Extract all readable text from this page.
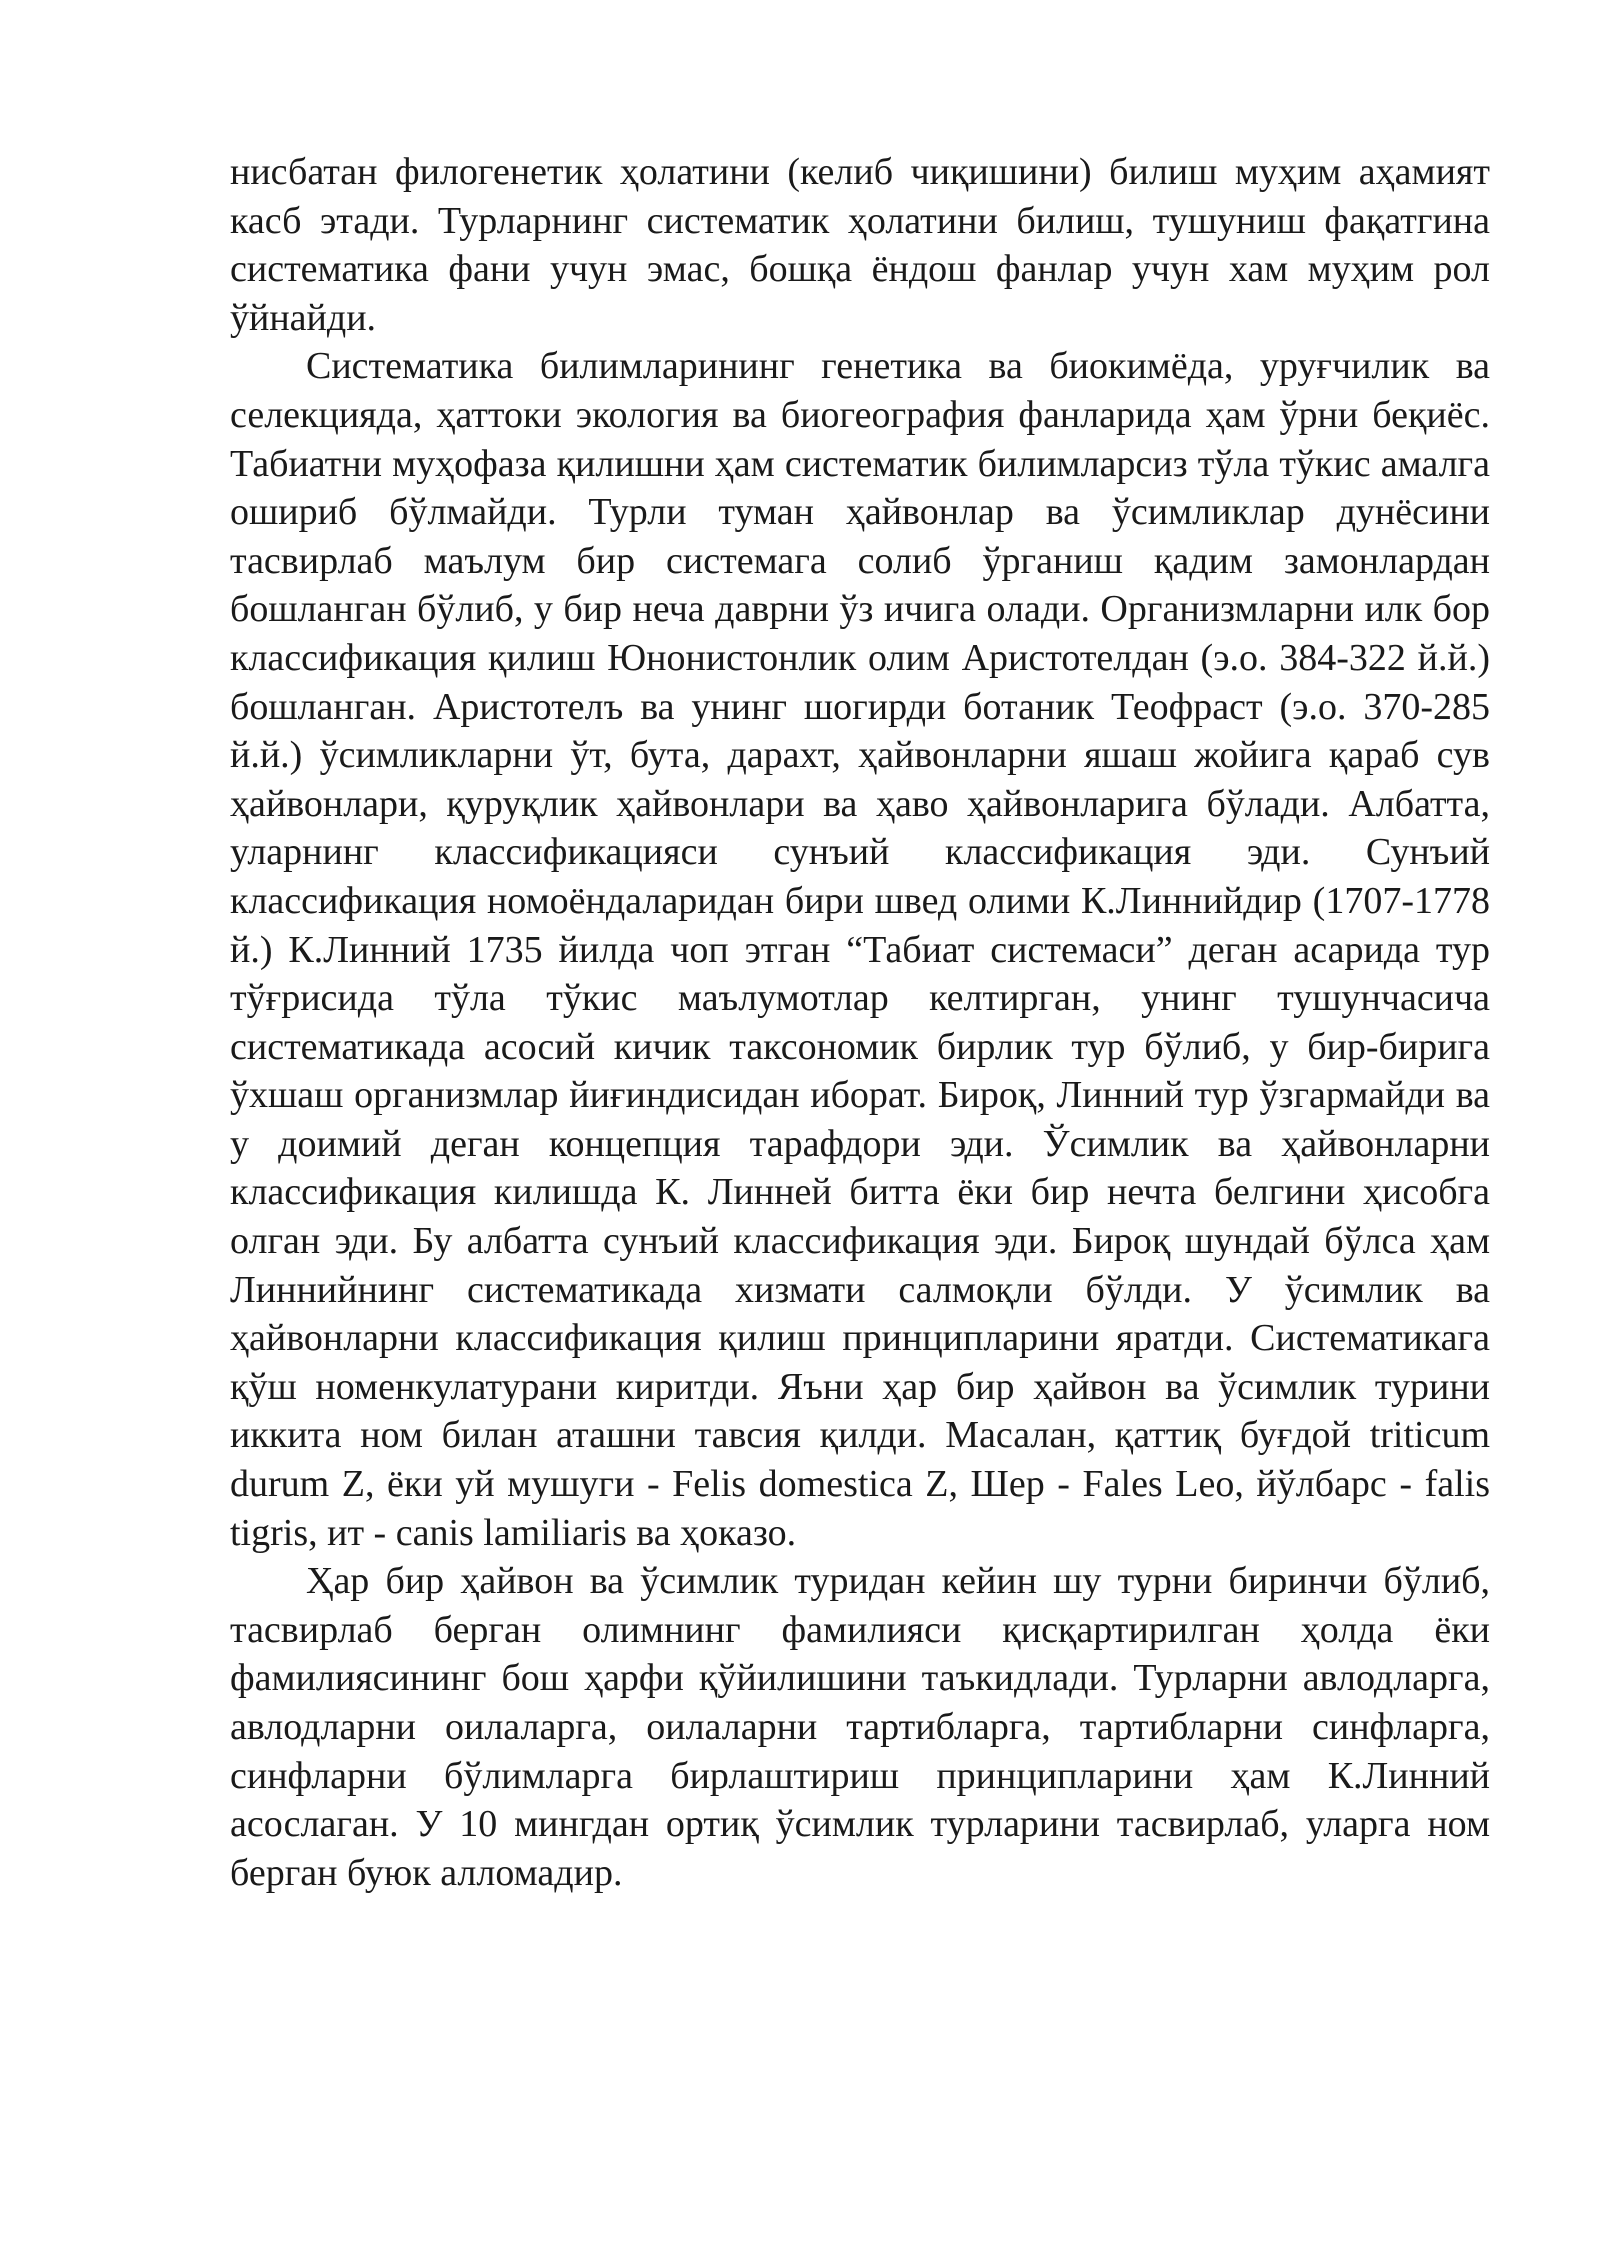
нисбатан филогенетик ҳолатини (келиб чиқишини) билиш муҳим аҳамият касб этади. Турларнинг систематик ҳолатини билиш, тушуниш фақатгина систематика фани учун эмас, бошқа ёндош фанлар учун хам муҳим рол ўйнайди.

Систематика билимларининг генетика ва биокимёда, уруғчилик ва селекцияда, ҳаттоки экология ва биогеография фанларида ҳам ўрни беқиёс. Табиатни муҳофаза қилишни ҳам систематик билимларсиз тўла тўкис амалга ошириб бўлмайди. Турли туман ҳайвонлар ва ўсимликлар дунёсини тасвирлаб маълум бир системага солиб ўрганиш қадим замонлардан бошланган бўлиб, у бир неча даврни ўз ичига олади. Организмларни илк бор классификация қилиш Юнонистонлик олим Аристотелдан (э.о. 384-322 й.й.) бошланган. Аристотелъ ва унинг шогирди ботаник Теофраст (э.о. 370-285 й.й.) ўсимликларни ўт, бута, дарахт, ҳайвонларни яшаш жойига қараб сув ҳайвонлари, қуруқлик ҳайвонлари ва ҳаво ҳайвонларига бўлади. Албатта, уларнинг классификацияси сунъий классификация эди. Сунъий классификация номоёндаларидан бири швед олими К.Линнийдир (1707-1778 й.) К.Линний 1735 йилда чоп этган “Табиат системаси” деган асарида тур тўғрисида тўла тўкис маълумотлар келтирган, унинг тушунчасича систематикада асосий кичик таксономик бирлик тур бўлиб, у бир-бирига ўхшаш организмлар йиғиндисидан иборат. Бироқ, Линний тур ўзгармайди ва у доимий деган концепция тарафдори эди. Ўсимлик ва ҳайвонларни классификация килишда К. Линней битта ёки бир нечта белгини ҳисобга олган эди. Бу албатта сунъий классификация эди. Бироқ шундай бўлса ҳам Линнийнинг систематикада хизмати салмоқли бўлди. У ўсимлик ва ҳайвонларни классификация қилиш принципларини яратди. Систематикага қўш номенкулатурани киритди. Яъни ҳар бир ҳайвон ва ўсимлик турини иккита ном билан аташни тавсия қилди. Масалан, қаттиқ буғдой triticum durum Z, ёки уй мушуги - Felis domestica Z, Шер - Fales Leo, йўлбарс - falis tigris, ит - canis lamiliaris ва ҳоказо.

Ҳар бир ҳайвон ва ўсимлик туридан кейин шу турни биринчи бўлиб, тасвирлаб берган олимнинг фамилияси қисқартирилган ҳолда ёки фамилиясининг бош ҳарфи қўйилишини таъкидлади. Турларни авлодларга, авлодларни оилаларга, оилаларни тартибларга, тартибларни синфларга, синфларни бўлимларга бирлаштириш принципларини ҳам К.Линний асослаган. У 10 мингдан ортиқ ўсимлик турларини тасвирлаб, уларга ном берган буюк алломадир.
